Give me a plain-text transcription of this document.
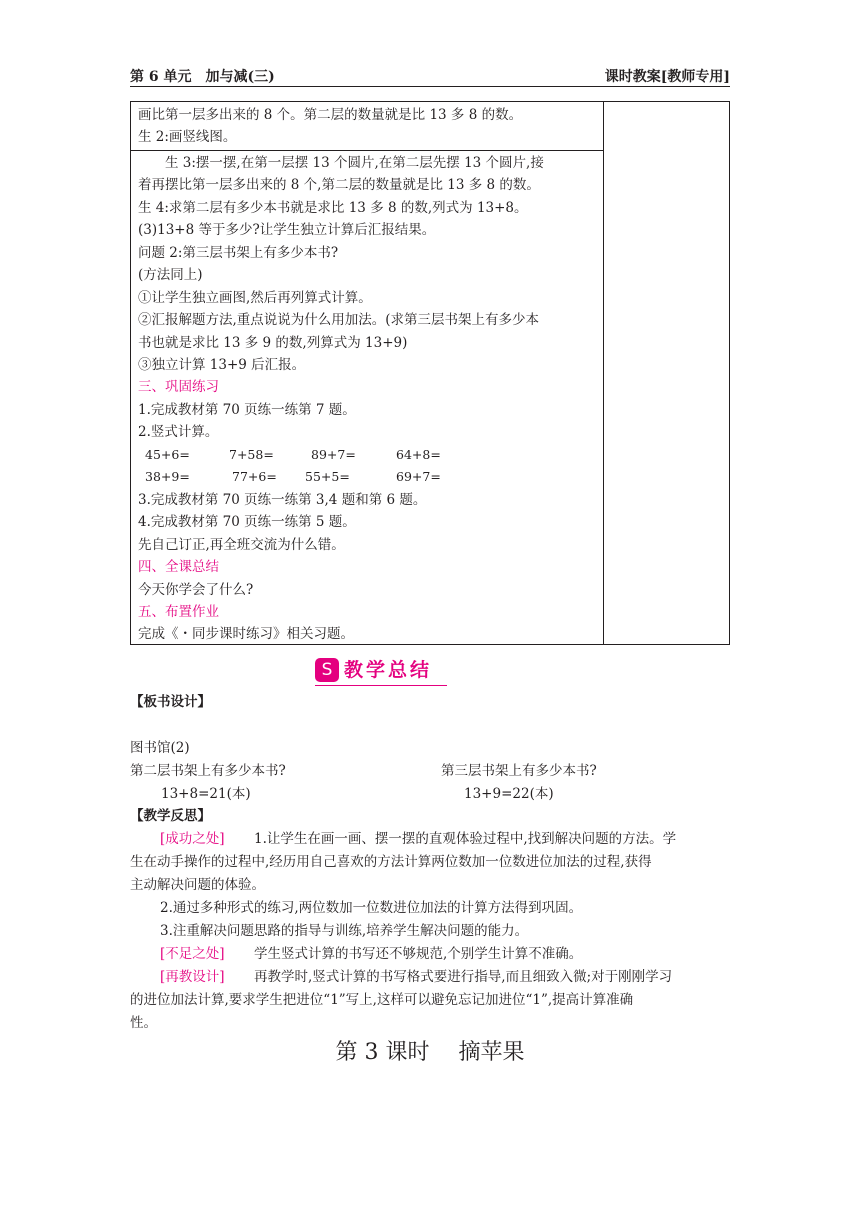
第 6 单元　加与减(三)	课时教案[教师专用]
画比第一层多出来的 8 个。第二层的数量就是比 13 多 8 的数。
生 2:画竖线图。
　　生 3:摆一摆,在第一层摆 13 个圆片,在第二层先摆 13 个圆片,接
着再摆比第一层多出来的 8 个,第二层的数量就是比 13 多 8 的数。
生 4:求第二层有多少本书就是求比 13 多 8 的数,列式为 13+8。
(3)13+8 等于多少?让学生独立计算后汇报结果。
问题 2:第三层书架上有多少本书?
(方法同上)
①让学生独立画图,然后再列算式计算。
②汇报解题方法,重点说说为什么用加法。(求第三层书架上有多少本
书也就是求比 13 多 9 的数,列算式为 13+9)
③独立计算 13+9 后汇报。
三、巩固练习
1.完成教材第 70 页练一练第 7 题。
2.竖式计算。
45+6=	7+58=	89+7=	64+8=
38+9=	77+6= 55+5=	69+7=
3.完成教材第 70 页练一练第 3,4 题和第 6 题。
4.完成教材第 70 页练一练第 5 题。
先自己订正,再全班交流为什么错。
四、全课总结
今天你学会了什么?
五、布置作业
完成《・同步课时练习》相关习题。
S 教学总结
【板书设计】
图书馆(2)
第二层书架上有多少本书?	第三层书架上有多少本书?
13+8=21(本)	13+9=22(本)
【教学反思】
[成功之处] 1.让学生在画一画、摆一摆的直观体验过程中,找到解决问题的方法。学
生在动手操作的过程中,经历用自己喜欢的方法计算两位数加一位数进位加法的过程,获得
主动解决问题的体验。
2.通过多种形式的练习,两位数加一位数进位加法的计算方法得到巩固。
3.注重解决问题思路的指导与训练,培养学生解决问题的能力。
[不足之处] 学生竖式计算的书写还不够规范,个别学生计算不准确。
[再教设计] 再教学时,竖式计算的书写格式要进行指导,而且细致入微;对于刚刚学习
的进位加法计算,要求学生把进位“1”写上,这样可以避免忘记加进位“1”,提高计算准确
性。
第 3 课时　 摘苹果
